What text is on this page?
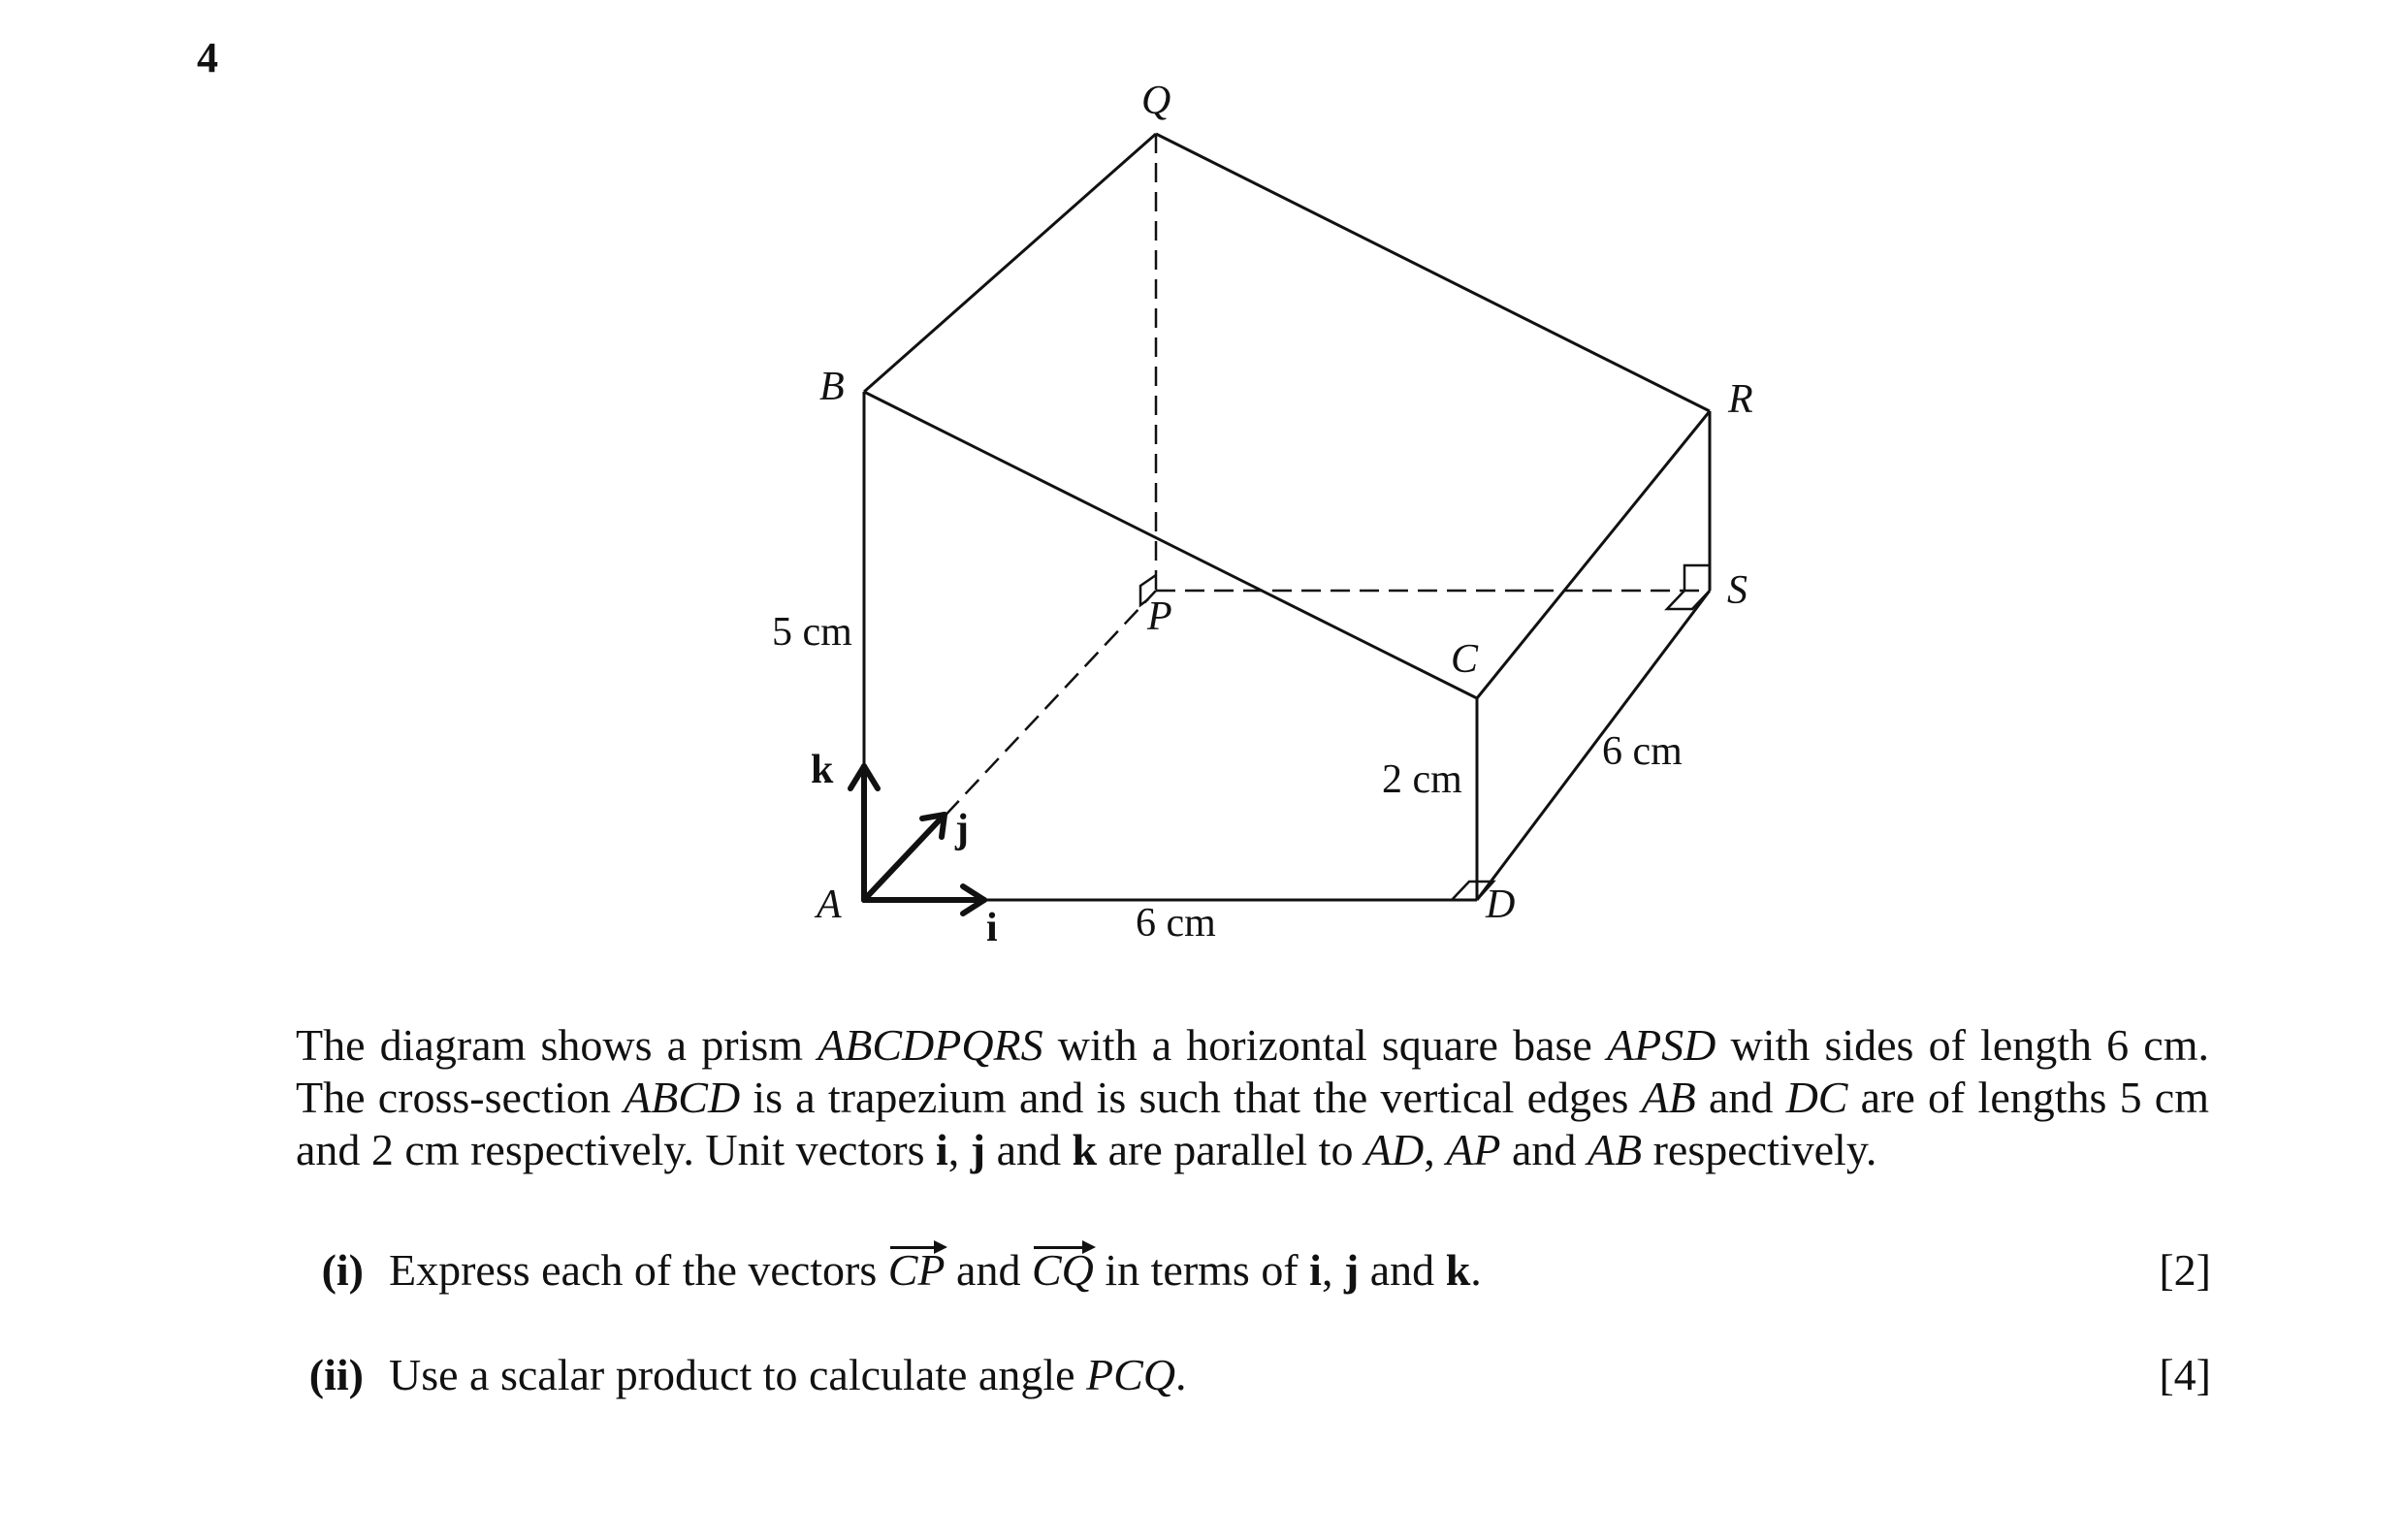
4
Q
B	R
S
P
C
A	D
5 cm
2 cm
6 cm
6 cm
k
j
i
The diagram shows a prism ABCDPQRS with a horizontal square base APSD with sides of length 6 cm. The cross-section ABCD is a trapezium and is such that the vertical edges AB and DC are of lengths 5 cm and 2 cm respectively. Unit vectors i, j and k are parallel to AD, AP and AB respectively.
(i) Express each of the vectors CP and CQ in terms of i, j and k.	[2]
(ii) Use a scalar product to calculate angle PCQ.	[4]
